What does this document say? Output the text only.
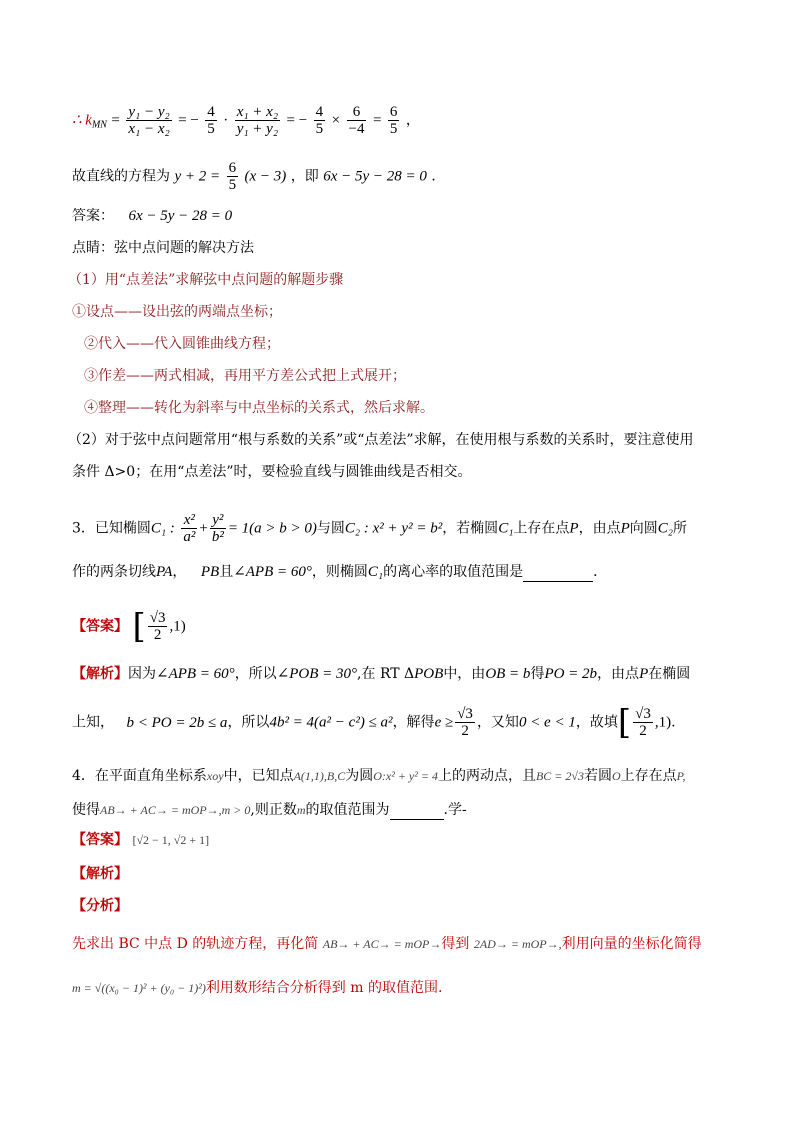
∴ $k_{MN} = \frac{\text{y₁ − y₂}}{\text{x₁ − x₂}}$ = − $\frac{4}{5} \cdot \frac{\text{x₁ + x₂}}{\text{y₁ + y₂}}$ = − $\frac{4}{5} \times \frac{6}{-4} = \frac{6}{5}$ ，
故直线的方程为 $y + 2 = \frac{6}{5} (x - 3)$ ，即 6x − 5y − 28 = 0 ．
答案： 6x − 5y − 28 = 0
点睛：弦中点问题的解决方法
（1）用“点差法”求解弦中点问题的解题步骤
①设点——设出弦的两端点坐标；
②代入——代入圆锥曲线方程；
③作差——两式相减，再用平方差公式把上式展开；
④整理——转化为斜率与中点坐标的关系式，然后求解。
（2）对于弦中点问题常用“根与系数的关系”或“点差法”求解，在使用根与系数的关系时，要注意使用
条件 Δ>0；在用“点差法”时，要检验直线与圆锥曲线是否相交。
3．已知椭圆C₁ : $\frac{\text{x²}}{\text{a²}} + \frac{\text{y²}}{\text{b²}} = 1(a > b > 0)$与圆C₂ : x² + y² = b²，若椭圆C₁上存在点P，由点P向圆C₂所
作的两条切线PA， PB且∠APB = 60°，则椭圆C₁的离心率的取值范围是	．
【答案】 [ $\frac{√3}{2} ,1$)
【解析】因为∠APB = 60°，所以∠POB = 30°,在 RT ΔPOB中，由OB = b得PO = 2b，由点P在椭圆
上知， b < PO = 2b ≤ a，所以4b² = 4(a² − c²) ≤ a²，解得$e \ge \frac{√3}{2}$ ，又知0 < e < 1，故填[ $\frac{√3}{2} ,1$).
4．在平面直角坐标系xoy中，已知点A(1,1),B,C为圆O:x² + y² = 4上的两动点，且BC = 2√3若圆O上存在点P,
使得AB→ + AC→ = mOP→,m > 0,则正数m的取值范围为	.学-
【答案】 [√2 − 1, √2 + 1]
【解析】
【分析】
先求出 BC 中点 D 的轨迹方程，再化简 AB→ + AC→ = mOP→得到 2AD→ = mOP→,利用向量的坐标化简得
m = √((x₀ − 1)² + (y₀ − 1)²)利用数形结合分析得到 m 的取值范围.
